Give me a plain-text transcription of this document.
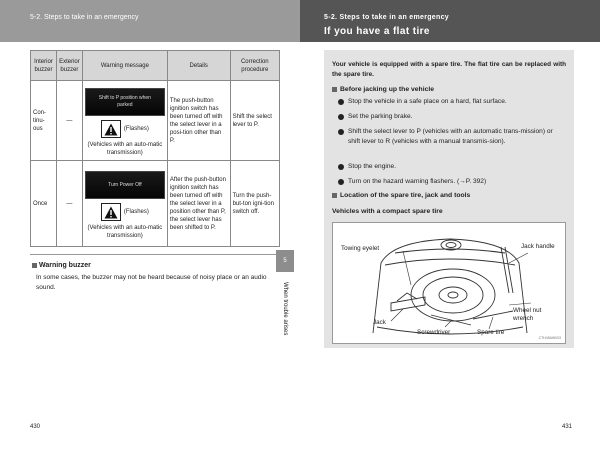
5-2. Steps to take in an emergency
Interior buzzer	Exterior buzzer	Warning message	Details	Correction procedure
Con-tinu-ous	—	Shift to P position when parked
(Flashes)
(Vehicles with an auto-matic transmission)	The push-button ignition switch has been turned off with the select lever in a posi-tion other than P.	Shift the select lever to P.
Once	—	Turn Power Off
(Flashes)
(Vehicles with an auto-matic transmission)	After the push-button ignition switch has been turned off with the select lever in a position other than P, the select lever has been shifted to P.	Turn the push-but-ton igni-tion switch off.
Warning buzzer
In some cases, the buzzer may not be heard because of noisy place or an audio sound.
430
5-2. Steps to take in an emergency
If you have a flat tire
Your vehicle is equipped with a spare tire. The flat tire can be replaced with the spare tire.
Before jacking up the vehicle
Stop the vehicle in a safe place on a hard, flat surface.
Set the parking brake.
Shift the select lever to P (vehicles with an automatic trans-mission) or shift lever to R (vehicles with a manual transmis-sion).
Stop the engine.
Turn on the hazard warning flashers. (→P. 392)
Location of the spare tire, jack and tools
Vehicles with a compact spare tire
Towing eyelet	Jack handle
Wheel nut wrench
Jack
Screwdriver	Spare tire
CTH45AW003
431
5
When trouble arises
